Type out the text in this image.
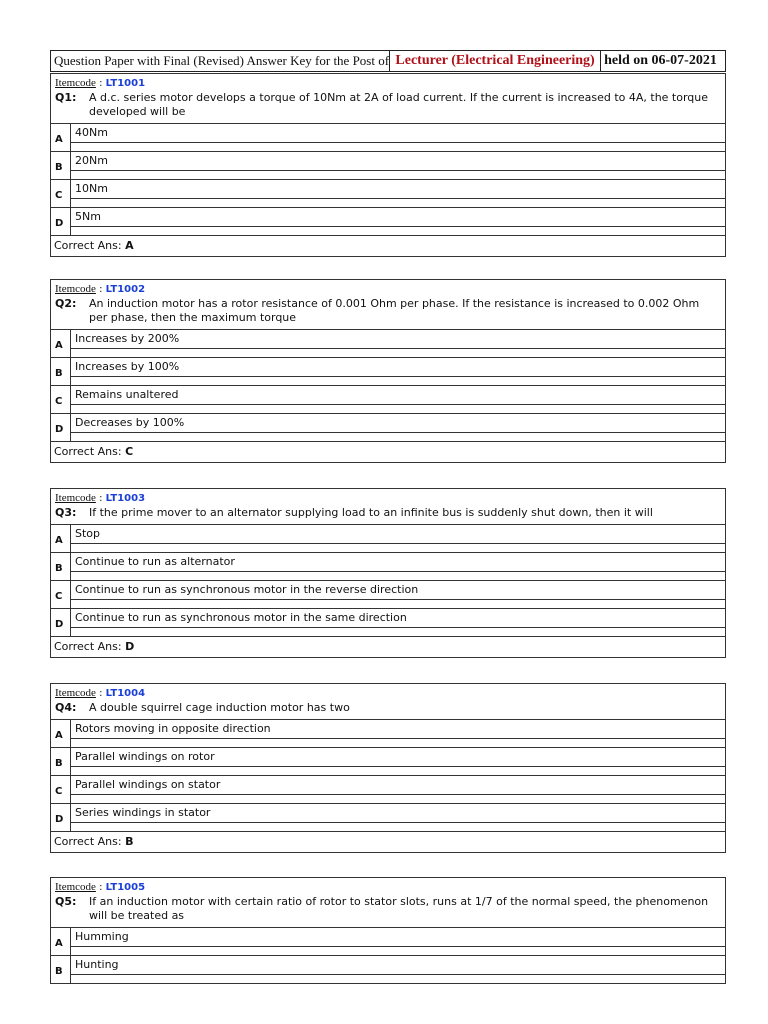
Question Paper with Final (Revised) Answer Key for the Post of Lecturer (Electrical Engineering) held on 06-07-2021
Itemcode : LT1001
Q1:	A d.c. series motor develops a torque of 10Nm at 2A of load current. If the current is increased to 4A, the torque developed will be
A
40Nm
B
20Nm
C
10Nm
D
5Nm
Correct Ans: A
Itemcode : LT1002
Q2:	An induction motor has a rotor resistance of 0.001 Ohm per phase. If the resistance is increased to 0.002 Ohm per phase, then the maximum torque
A
Increases by 200%
B
Increases by 100%
C
Remains unaltered
D
Decreases by 100%
Correct Ans: C
Itemcode : LT1003
Q3:	If the prime mover to an alternator supplying load to an infinite bus is suddenly shut down, then it will
A
Stop
B
Continue to run as alternator
C
Continue to run as synchronous motor in the reverse direction
D
Continue to run as synchronous motor in the same direction
Correct Ans: D
Itemcode : LT1004
Q4:	A double squirrel cage induction motor has two
A
Rotors moving in opposite direction
B
Parallel windings on rotor
C
Parallel windings on stator
D
Series windings in stator
Correct Ans: B
Itemcode : LT1005
Q5:	If an induction motor with certain ratio of rotor to stator slots, runs at 1/7 of the normal speed, the phenomenon will be treated as
A
Humming
B
Hunting
